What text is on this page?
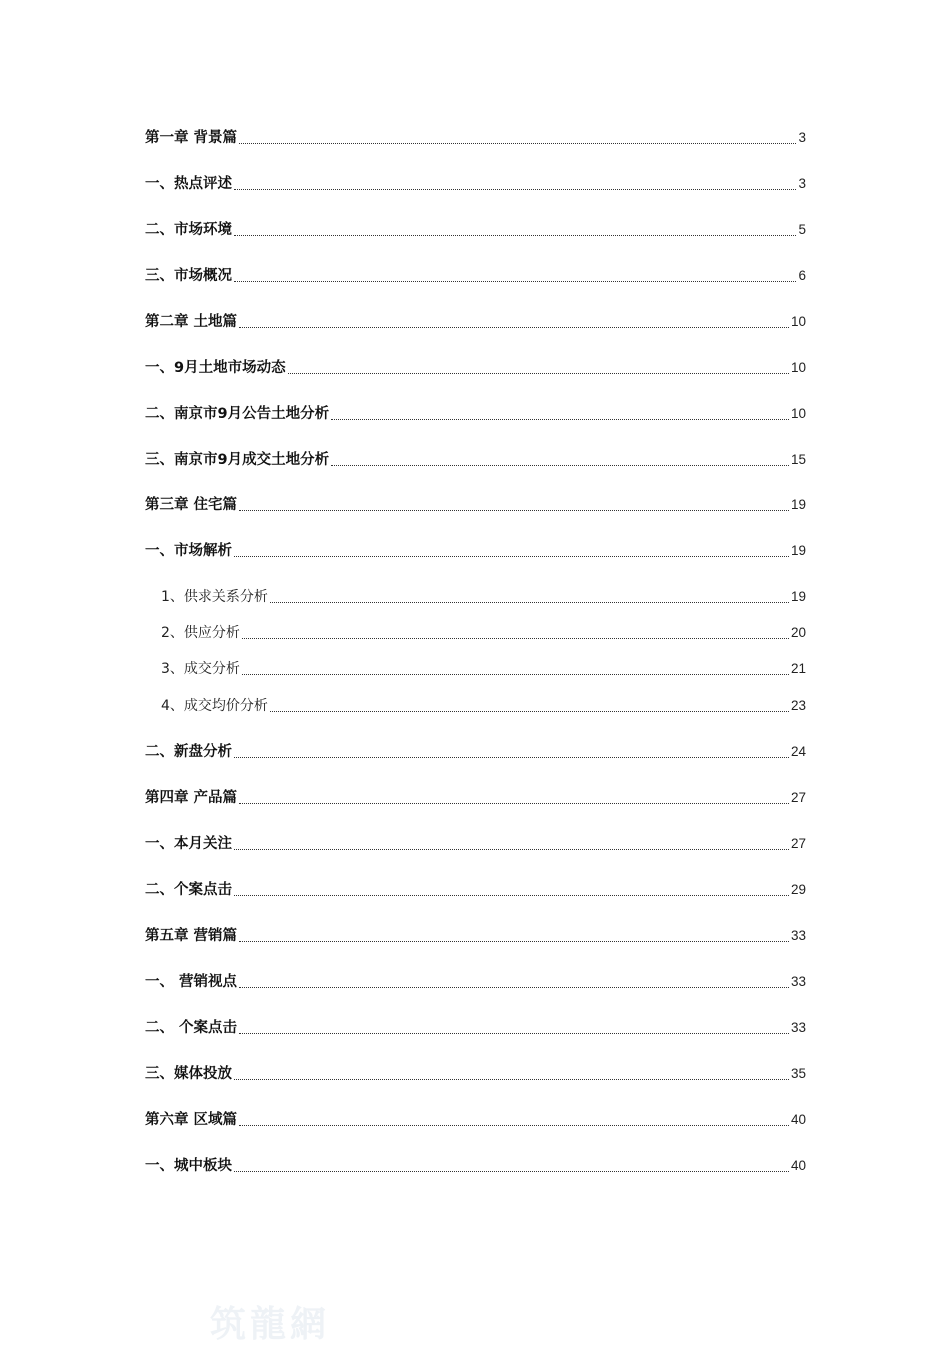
第一章 背景篇	3
一、热点评述	3
二、市场环境	5
三、市场概况	6
第二章 土地篇	10
一、9月土地市场动态	10
二、南京市9月公告土地分析	10
三、南京市9月成交土地分析	15
第三章 住宅篇	19
一、市场解析	19
1、供求关系分析	19
2、供应分析	20
3、成交分析	21
4、成交均价分析	23
二、新盘分析	24
第四章 产品篇	27
一、本月关注	27
二、个案点击	29
第五章 营销篇	33
一、 营销视点	33
二、 个案点击	33
三、媒体投放	35
第六章 区域篇	40
一、城中板块	40
筑龍網
